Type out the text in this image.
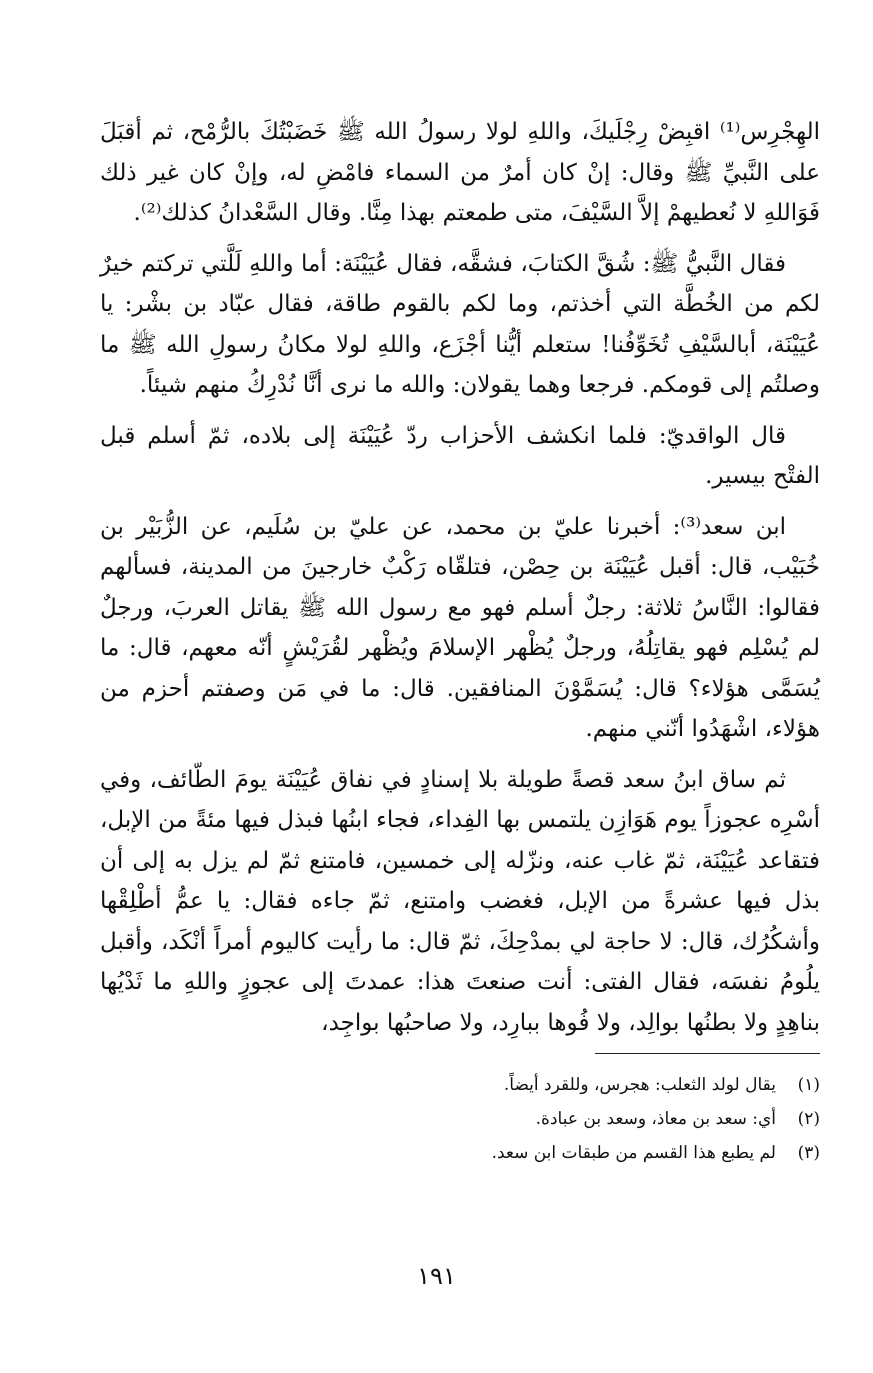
الهِجْرِس⁽¹⁾ اقبِضْ رِجْلَيكَ، واللهِ لولا رسولُ الله ﷺ خَضَبْتُكَ بالرُّمْح، ثم أقبَلَ على النَّبيِّ ﷺ وقال: إنْ كان أمرٌ من السماء فامْضِ له، وإنْ كان غير ذلك فَوَاللهِ لا نُعطيهمْ إلاَّ السَّيْفَ، متى طمعتم بهذا مِنَّا. وقال السَّعْدانُ كذلك⁽²⁾.

فقال النَّبيُّ ﷺ: شُقَّ الكتابَ، فشقَّه، فقال عُيَيْنَة: أما واللهِ لَلَّتي تركتم خيرٌ لكم من الخُطَّة التي أخذتم، وما لكم بالقوم طاقة، فقال عبّاد بن بشْر: يا عُيَيْنَة، أبالسَّيْفِ تُخَوِّفُنا! ستعلم أيُّنا أجْزَع، واللهِ لولا مكانُ رسولِ الله ﷺ ما وصلتُم إلى قومكم. فرجعا وهما يقولان: والله ما نرى أنَّا نُدْرِكُ منهم شيئاً.

قال الواقديّ: فلما انكشف الأحزاب ردّ عُيَيْنَة إلى بلاده، ثمّ أسلم قبل الفتْح بيسير.

ابن سعد⁽³⁾: أخبرنا عليّ بن محمد، عن عليّ بن سُلَيم، عن الزُّبَيْر بن خُبَيْب، قال: أقبل عُيَيْنَة بن حِصْن، فتلقّاه رَكْبٌ خارجينَ من المدينة، فسألهم فقالوا: النَّاسُ ثلاثة: رجلٌ أسلم فهو مع رسول الله ﷺ يقاتل العربَ، ورجلٌ لم يُسْلِم فهو يقاتِلُهُ، ورجلٌ يُظْهر الإسلامَ ويُظْهر لقُرَيْشٍ أنّه معهم، قال: ما يُسَمَّى هؤلاء؟ قال: يُسَمَّوْنَ المنافقين. قال: ما في مَن وصفتم أحزم من هؤلاء، اشْهَدُوا أنّني منهم.

ثم ساق ابنُ سعد قصةً طويلة بلا إسنادٍ في نفاق عُيَيْنَة يومَ الطّائف، وفي أسْرِه عجوزاً يوم هَوَازِن يلتمس بها الفِداء، فجاء ابنُها فبذل فيها مئةً من الإبل، فتقاعد عُيَيْنَة، ثمّ غاب عنه، ونزّله إلى خمسين، فامتنع ثمّ لم يزل به إلى أن بذل فيها عشرةً من الإبل، فغضب وامتنع، ثمّ جاءه فقال: يا عمُّ أطْلِقْها وأشكُرُك، قال: لا حاجة لي بمدْحِكَ، ثمّ قال: ما رأيت كاليوم أمراً أنْكَد، وأقبل يلُومُ نفسَه، فقال الفتى: أنت صنعتَ هذا: عمدتَ إلى عجوزٍ واللهِ ما ثَدْيُها بناهِدٍ ولا بطنُها بوالِد، ولا فُوها ببارِد، ولا صاحبُها بواجِد،

(١)
يقال لولد الثعلب: هجرس، وللقرد أيضاً.
(٢)
أي: سعد بن معاذ، وسعد بن عبادة.
(٣)
لم يطبع هذا القسم من طبقات ابن سعد.
١٩١
